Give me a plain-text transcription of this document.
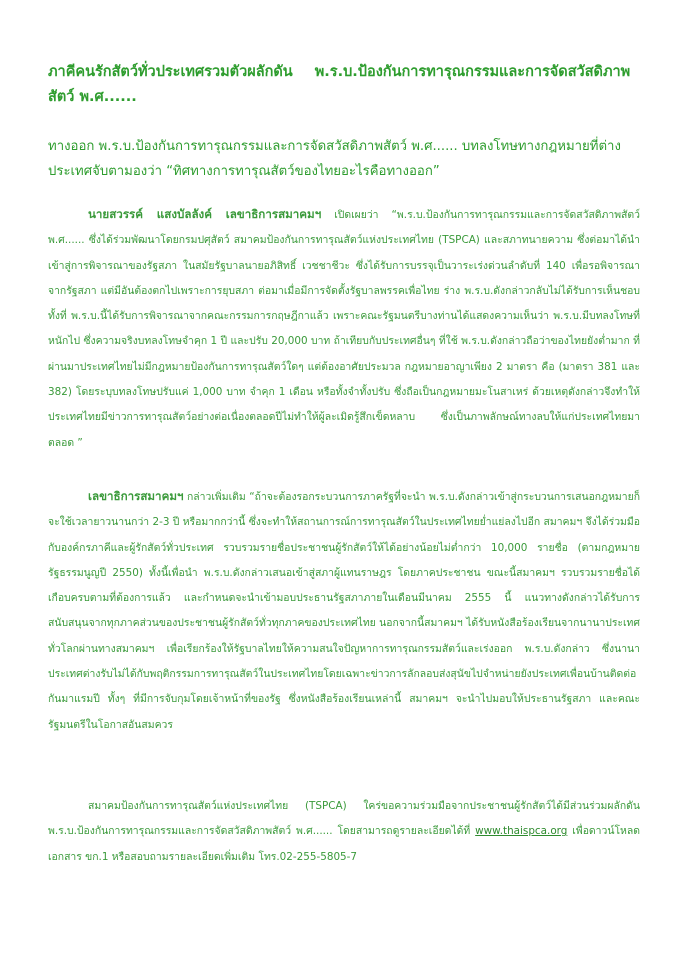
ภาคีคนรักสัตว์ทั่วประเทศรวมตัวผลักดัน พ.ร.บ.ป้องกันการทารุณกรรมและการจัดสวัสดิภาพสัตว์ พ.ศ......
ทางออก พ.ร.บ.ป้องกันการทารุณกรรมและการจัดสวัสดิภาพสัตว์ พ.ศ...... บทลงโทษทางกฎหมายที่ต่างประเทศจับตามองว่า “ทิศทางการทารุณสัตว์ของไทยอะไรคือทางออก”
นายสวรรค์ แสงบัลลังค์ เลขาธิการสมาคมฯ เปิดเผยว่า “พ.ร.บ.ป้องกันการทารุณกรรมและการจัดสวัสดิภาพสัตว์ พ.ศ...... ซึ่งได้ร่วมพัฒนาโดยกรมปศุสัตว์ สมาคมป้องกันการทารุณสัตว์แห่งประเทศไทย (TSPCA) และสภาทนายความ ซึ่งต่อมาได้นำเข้าสู่การพิจารณาของรัฐสภา ในสมัยรัฐบาลนายอภิสิทธิ์ เวชชาชีวะ ซึ่งได้รับการบรรจุเป็นวาระเร่งด่วนลำดับที่ 140 เพื่อรอพิจารณาจากรัฐสภา แต่มีอันต้องตกไปเพราะการยุบสภา ต่อมาเมื่อมีการจัดตั้งรัฐบาลพรรคเพื่อไทย ร่าง พ.ร.บ.ดังกล่าวกลับไม่ได้รับการเห็นชอบ ทั้งที่ พ.ร.บ.นี้ได้รับการพิจารณาจากคณะกรรมการกฤษฎีกาแล้ว เพราะคณะรัฐมนตรีบางท่านได้แสดงความเห็นว่า พ.ร.บ.มีบทลงโทษที่หนักไป ซึ่งความจริงบทลงโทษจำคุก 1 ปี และปรับ 20,000 บาท ถ้าเทียบกับประเทศอื่นๆ ที่ใช้ พ.ร.บ.ดังกล่าวถือว่าของไทยยังต่ำมาก ที่ผ่านมาประเทศไทยไม่มีกฎหมายป้องกันการทารุณสัตว์ใดๆ แต่ต้องอาศัยประมวล กฎหมายอาญาเพียง 2 มาตรา คือ (มาตรา 381 และ 382) โดยระบุบทลงโทษปรับแค่ 1,000 บาท จำคุก 1 เดือน หรือทั้งจำทั้งปรับ ซึ่งถือเป็นกฎหมายมะโนสาเหร่ ด้วยเหตุดังกล่าวจึงทำให้ประเทศไทยมีข่าวการทารุณสัตว์อย่างต่อเนื่องตลอดปีไม่ทำให้ผู้ละเมิดรู้สึกเข็ดหลาบ ซึ่งเป็นภาพลักษณ์ทางลบให้แก่ประเทศไทยมาตลอด ”
เลขาธิการสมาคมฯ กล่าวเพิ่มเติม “ถ้าจะต้องรอกระบวนการภาครัฐที่จะนำ พ.ร.บ.ดังกล่าวเข้าสู่กระบวนการเสนอกฎหมายก็จะใช้เวลายาวนานกว่า 2-3 ปี หรือมากกว่านี้ ซึ่งจะทำให้สถานการณ์การทารุณสัตว์ในประเทศไทยย่ำแย่ลงไปอีก สมาคมฯ จึงได้ร่วมมือกับองค์กรภาคีและผู้รักสัตว์ทั่วประเทศ รวบรวมรายชื่อประชาชนผู้รักสัตว์ให้ได้อย่างน้อยไม่ต่ำกว่า 10,000 รายชื่อ (ตามกฎหมายรัฐธรรมนูญปี 2550) ทั้งนี้เพื่อนำ พ.ร.บ.ดังกล่าวเสนอเข้าสู่สภาผู้แทนราษฎร โดยภาคประชาชน ขณะนี้สมาคมฯ รวบรวมรายชื่อได้เกือบครบตามที่ต้องการแล้ว และกำหนดจะนำเข้ามอบประธานรัฐสภาภายในเดือนมีนาคม 2555 นี้ แนวทางดังกล่าวได้รับการสนับสนุนจากทุกภาคส่วนของประชาชนผู้รักสัตว์ทั่วทุกภาคของประเทศไทย นอกจากนี้สมาคมฯ ได้รับหนังสือร้องเรียนจากนานาประเทศทั่วโลกผ่านทางสมาคมฯ เพื่อเรียกร้องให้รัฐบาลไทยให้ความสนใจปัญหาการทารุณกรรมสัตว์และเร่งออก พ.ร.บ.ดังกล่าว ซึ่งนานาประเทศต่างรับไม่ได้กับพฤติกรรมการทารุณสัตว์ในประเทศไทยโดยเฉพาะข่าวการลักลอบส่งสุนัขไปจำหน่ายยังประเทศเพื่อนบ้านติดต่อกันมาแรมปี ทั้งๆ ที่มีการจับกุมโดยเจ้าหน้าที่ของรัฐ ซึ่งหนังสือร้องเรียนเหล่านี้ สมาคมฯ จะนำไปมอบให้ประธานรัฐสภา และคณะรัฐมนตรีในโอกาสอันสมควร
สมาคมป้องกันการทารุณสัตว์แห่งประเทศไทย (TSPCA) ใคร่ขอความร่วมมือจากประชาชนผู้รักสัตว์ได้มีส่วนร่วมผลักดัน พ.ร.บ.ป้องกันการทารุณกรรมและการจัดสวัสดิภาพสัตว์ พ.ศ...... โดยสามารถดูรายละเอียดได้ที่ www.thaispca.org เพื่อดาวน์โหลดเอกสาร ขก.1 หรือสอบถามรายละเอียดเพิ่มเติม โทร.02-255-5805-7
